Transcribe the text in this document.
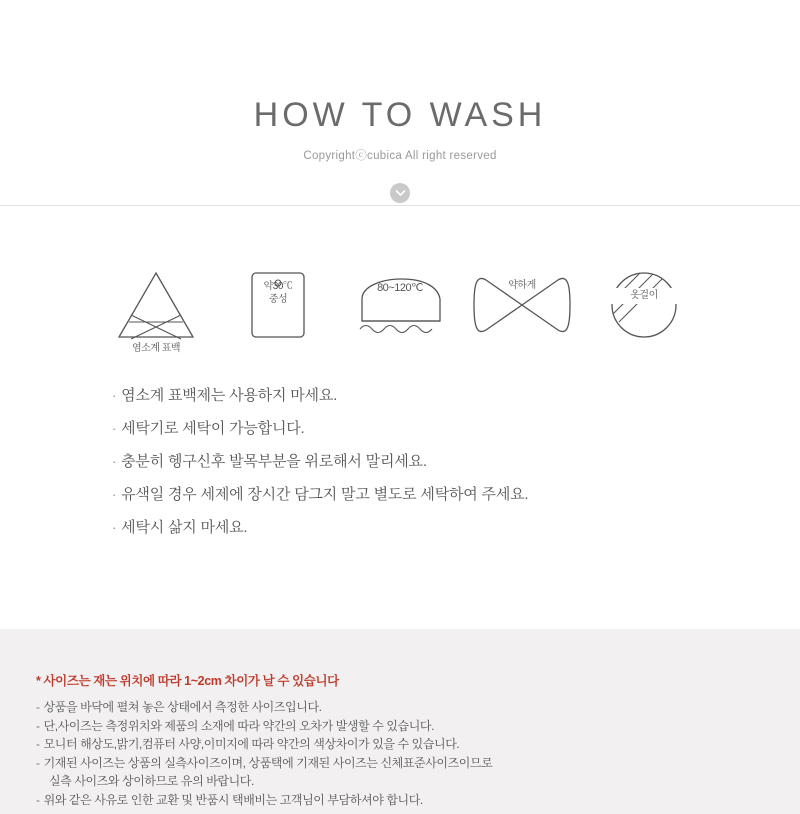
HOW TO WASH
Copyrightⓒcubica All right reserved
염소계 표백
약30℃
중성
80~120℃	약하게
옷걸이
· 염소계 표백제는 사용하지 마세요.
· 세탁기로 세탁이 가능합니다.
· 충분히 헹구신후 발목부분을 위로해서 말리세요.
· 유색일 경우 세제에 장시간 담그지 말고 별도로 세탁하여 주세요.
· 세탁시 삶지 마세요.
* 사이즈는 재는 위치에 따라 1~2cm 차이가 날 수 있습니다
- 상품을 바닥에 펼쳐 놓은 상태에서 측정한 사이즈입니다.
- 단,사이즈는 측정위치와 제품의 소재에 따라 약간의 오차가 발생할 수 있습니다.
- 모니터 해상도,밝기,컴퓨터 사양,이미지에 따라 약간의 색상차이가 있을 수 있습니다.
- 기재된 사이즈는 상품의 실측사이즈이며, 상품택에 기재된 사이즈는 신체표준사이즈이므로
실측 사이즈와 상이하므로 유의 바랍니다.
- 위와 같은 사유로 인한 교환 및 반품시 택배비는 고객님이 부담하셔야 합니다.
